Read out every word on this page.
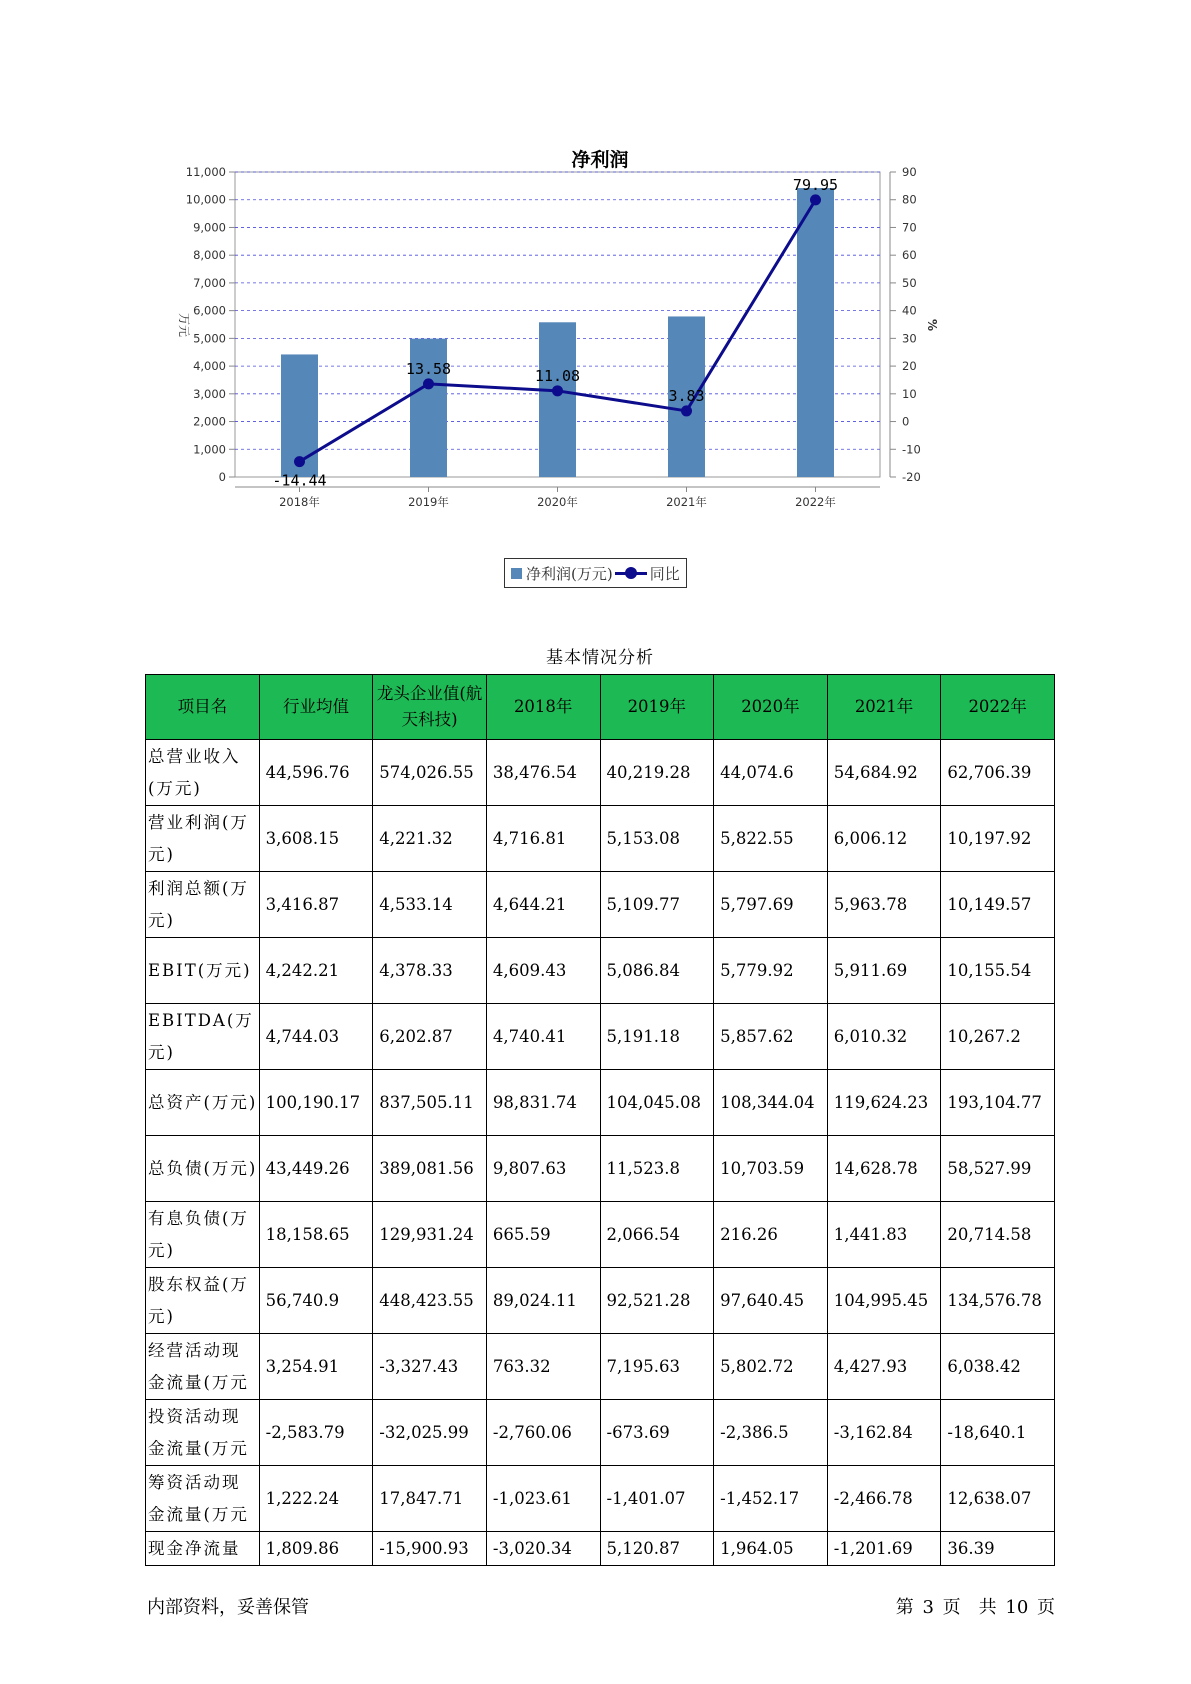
0
1,000
2,000
3,000
4,000
5,000
6,000
7,000
8,000
9,000
10,000
11,000
-20
-10
0
10
20
30
40
50
60
70
80
90
万元	%
2018年	2019年	2020年	2021年	2022年
-14.44
13.58	11.08
3.83
79.95
净利润
净利润(万元) 同比
基本情况分析
项目名	行业均值	龙头企业值(航天科技)	2018年	2019年	2020年	2021年	2022年
总营业收入(万元)	44,596.76	574,026.55	38,476.54	40,219.28	44,074.6	54,684.92	62,706.39
营业利润(万元)	3,608.15	4,221.32	4,716.81	5,153.08	5,822.55	6,006.12	10,197.92
利润总额(万元)	3,416.87	4,533.14	4,644.21	5,109.77	5,797.69	5,963.78	10,149.57
EBIT(万元)	4,242.21	4,378.33	4,609.43	5,086.84	5,779.92	5,911.69	10,155.54
EBITDA(万元)	4,744.03	6,202.87	4,740.41	5,191.18	5,857.62	6,010.32	10,267.2
总资产(万元)	100,190.17	837,505.11	98,831.74	104,045.08	108,344.04	119,624.23	193,104.77
总负债(万元)	43,449.26	389,081.56	9,807.63	11,523.8	10,703.59	14,628.78	58,527.99
有息负债(万元)	18,158.65	129,931.24	665.59	2,066.54	216.26	1,441.83	20,714.58
股东权益(万元)	56,740.9	448,423.55	89,024.11	92,521.28	97,640.45	104,995.45	134,576.78
经营活动现金流量(万元	3,254.91	-3,327.43	763.32	7,195.63	5,802.72	4,427.93	6,038.42
投资活动现金流量(万元	-2,583.79	-32,025.99	-2,760.06	-673.69	-2,386.5	-3,162.84	-18,640.1
筹资活动现金流量(万元	1,222.24	17,847.71	-1,023.61	-1,401.07	-1,452.17	-2,466.78	12,638.07
现金净流量	1,809.86	-15,900.93	-3,020.34	5,120.87	1,964.05	-1,201.69	36.39
内部资料，妥善保管	第 3 页　共 10 页
